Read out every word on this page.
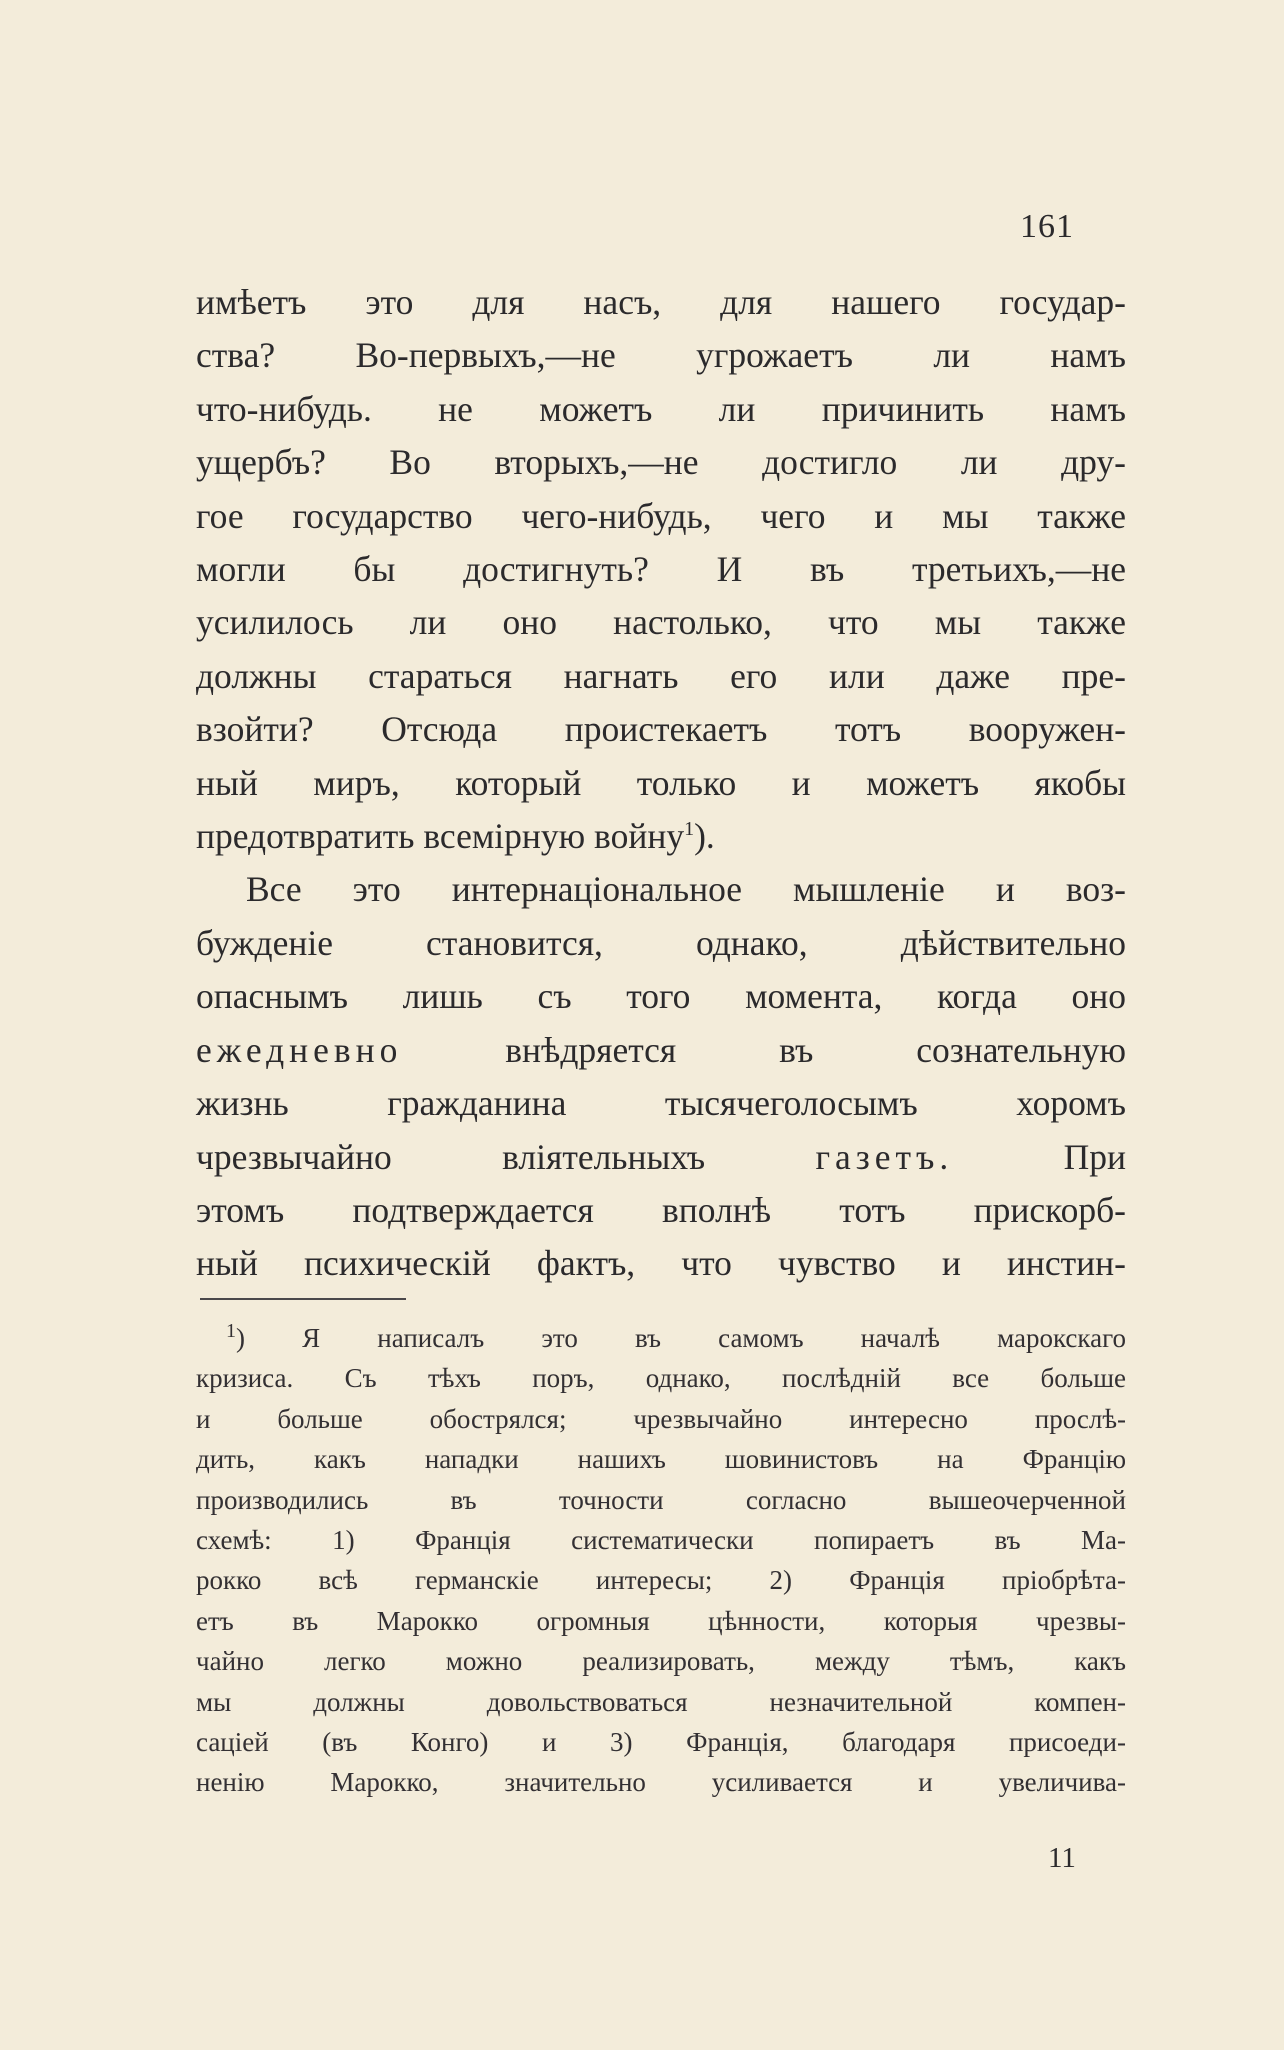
161
имѣетъ это для насъ, для нашего государ-
ства? Во-первыхъ,—не угрожаетъ ли намъ
что-нибудь. не можетъ ли причинить намъ
ущербъ? Во вторыхъ,—не достигло ли дру-
гое государство чего-нибудь, чего и мы также
могли бы достигнуть? И въ третьихъ,—не
усилилось ли оно настолько, что мы также
должны стараться нагнать его или даже пре-
взойти? Отсюда проистекаетъ тотъ вооружен-
ный миръ, который только и можетъ якобы
предотвратить всемірную войну$^1$).
Все это интернаціональное мышленіе и воз-
бужденіе становится, однако, дѣйствительно
опаснымъ лишь съ того момента, когда оно
ежедневно	внѣдряется въ сознательную
жизнь гражданина тысячеголосымъ хоромъ
чрезвычайно вліятельныхъ	газетъ.	При
этомъ подтверждается вполнѣ тотъ прискорб-
ный психическій фактъ, что чувство и инстин-
$^1$) Я написалъ это въ самомъ началѣ марокскаго
кризиса. Съ тѣхъ поръ, однако, послѣдній все больше
и больше обострялся; чрезвычайно интересно прослѣ-
дить, какъ нападки нашихъ шовинистовъ на Францію
производились въ точности согласно вышеочерченной
схемѣ: 1) Францiя систематически попираетъ въ Ма-
рокко всѣ германскіе интересы; 2) Франція пріобрѣта-
етъ въ Марокко огромныя цѣнности, которыя чрезвы-
чайно легко можно реализировать, между тѣмъ, какъ
мы должны довольствоваться незначительной компен-
саціей (въ Конго) и 3) Франція, благодаря присоеди-
ненію Марокко, значительно усиливается и увеличива-
11
